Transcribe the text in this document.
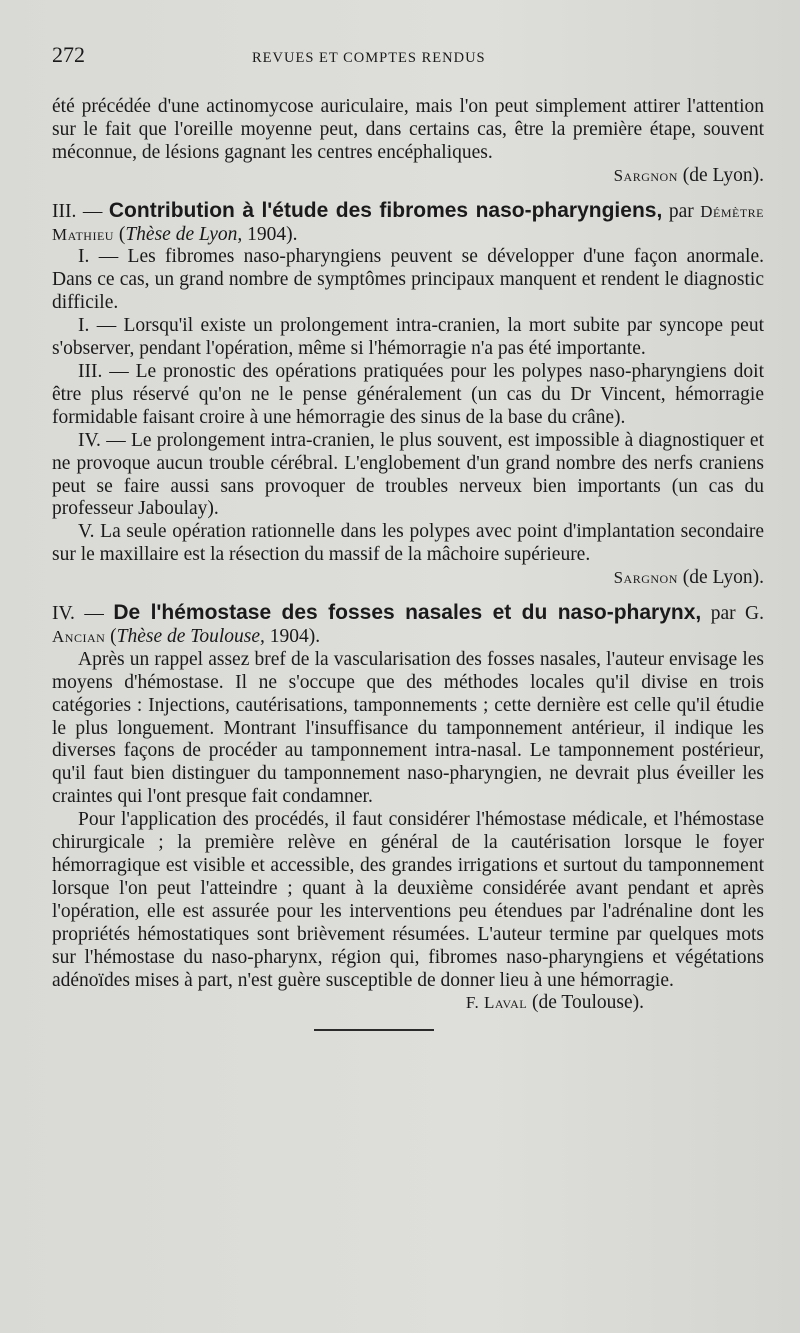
272	REVUES ET COMPTES RENDUS

été précédée d'une actinomycose auriculaire, mais l'on peut simplement attirer l'attention sur le fait que l'oreille moyenne peut, dans certains cas, être la première étape, souvent méconnue, de lésions gagnant les centres encéphaliques.

Sargnon (de Lyon).

III. — Contribution à l'étude des fibromes naso-pharyngiens, par Démètre Mathieu (Thèse de Lyon, 1904).

I. — Les fibromes naso-pharyngiens peuvent se développer d'une façon anormale. Dans ce cas, un grand nombre de symptômes principaux manquent et rendent le diagnostic difficile.

I. — Lorsqu'il existe un prolongement intra-cranien, la mort subite par syncope peut s'observer, pendant l'opération, même si l'hémorragie n'a pas été importante.

III. — Le pronostic des opérations pratiquées pour les polypes naso-pharyngiens doit être plus réservé qu'on ne le pense généralement (un cas du Dr Vincent, hémorragie formidable faisant croire à une hémorragie des sinus de la base du crâne).

IV. — Le prolongement intra-cranien, le plus souvent, est impossible à diagnostiquer et ne provoque aucun trouble cérébral. L'englobement d'un grand nombre des nerfs craniens peut se faire aussi sans provoquer de troubles nerveux bien importants (un cas du professeur Jaboulay).

V. La seule opération rationnelle dans les polypes avec point d'implantation secondaire sur le maxillaire est la résection du massif de la mâchoire supérieure.

Sargnon (de Lyon).

IV. — De l'hémostase des fosses nasales et du naso-pharynx, par G. Ancian (Thèse de Toulouse, 1904).

Après un rappel assez bref de la vascularisation des fosses nasales, l'auteur envisage les moyens d'hémostase. Il ne s'occupe que des méthodes locales qu'il divise en trois catégories : Injections, cautérisations, tamponnements ; cette dernière est celle qu'il étudie le plus longuement. Montrant l'insuffisance du tamponnement antérieur, il indique les diverses façons de procéder au tamponnement intra-nasal. Le tamponnement postérieur, qu'il faut bien distinguer du tamponnement naso-pharyngien, ne devrait plus éveiller les craintes qui l'ont presque fait condamner.

Pour l'application des procédés, il faut considérer l'hémostase médicale, et l'hémostase chirurgicale ; la première relève en général de la cautérisation lorsque le foyer hémorragique est visible et accessible, des grandes irrigations et surtout du tamponnement lorsque l'on peut l'atteindre ; quant à la deuxième considérée avant pendant et après l'opération, elle est assurée pour les interventions peu étendues par l'adrénaline dont les propriétés hémostatiques sont brièvement résumées. L'auteur termine par quelques mots sur l'hémostase du naso-pharynx, région qui, fibromes naso-pharyngiens et végétations adénoïdes mises à part, n'est guère susceptible de donner lieu à une hémorragie.

F. Laval (de Toulouse).
